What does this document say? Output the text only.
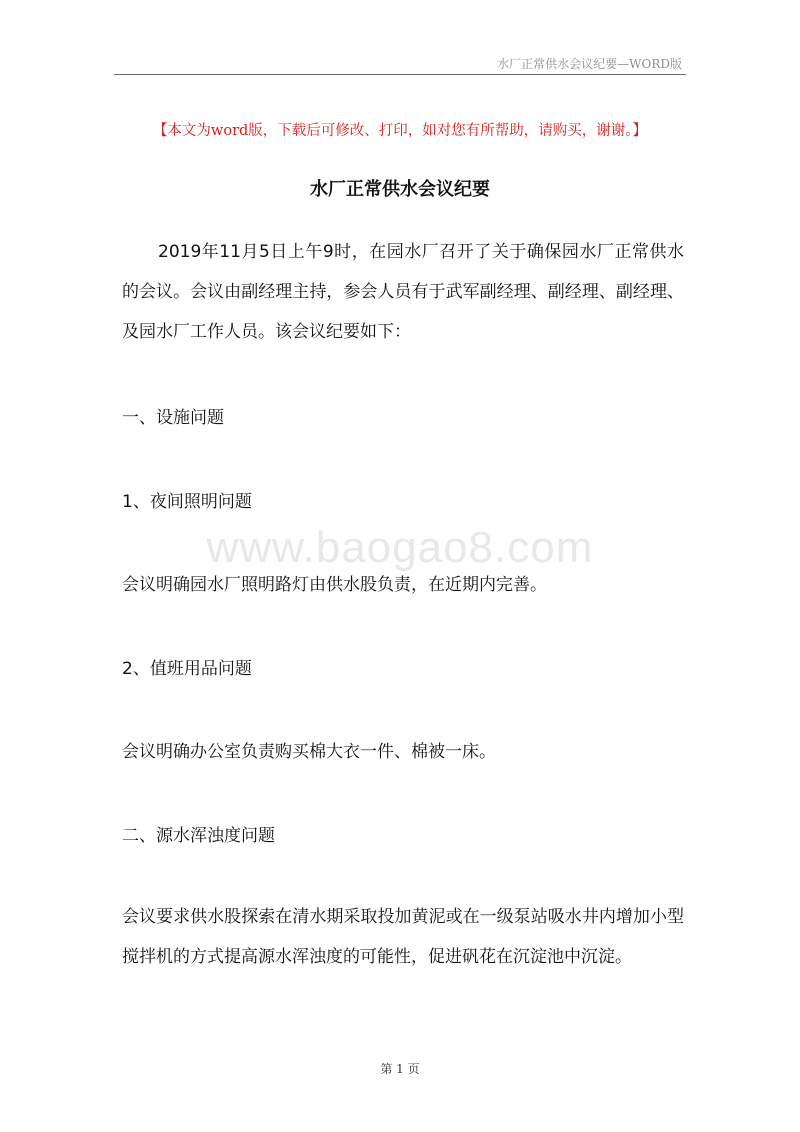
水厂正常供水会议纪要—WORD版
www.baogao8.com
【本文为word版，下载后可修改、打印，如对您有所帮助，请购买，谢谢。】
水厂正常供水会议纪要

2019年11月5日上午9时，在园水厂召开了关于确保园水厂正常供水的会议。会议由副经理主持，参会人员有于武军副经理、副经理、副经理、及园水厂工作人员。该会议纪要如下：

一、设施问题
1、夜间照明问题
会议明确园水厂照明路灯由供水股负责，在近期内完善。
2、值班用品问题
会议明确办公室负责购买棉大衣一件、棉被一床。
二、源水浑浊度问题

会议要求供水股探索在清水期采取投加黄泥或在一级泵站吸水井内增加小型搅拌机的方式提高源水浑浊度的可能性，促进矾花在沉淀池中沉淀。

第 1 页
